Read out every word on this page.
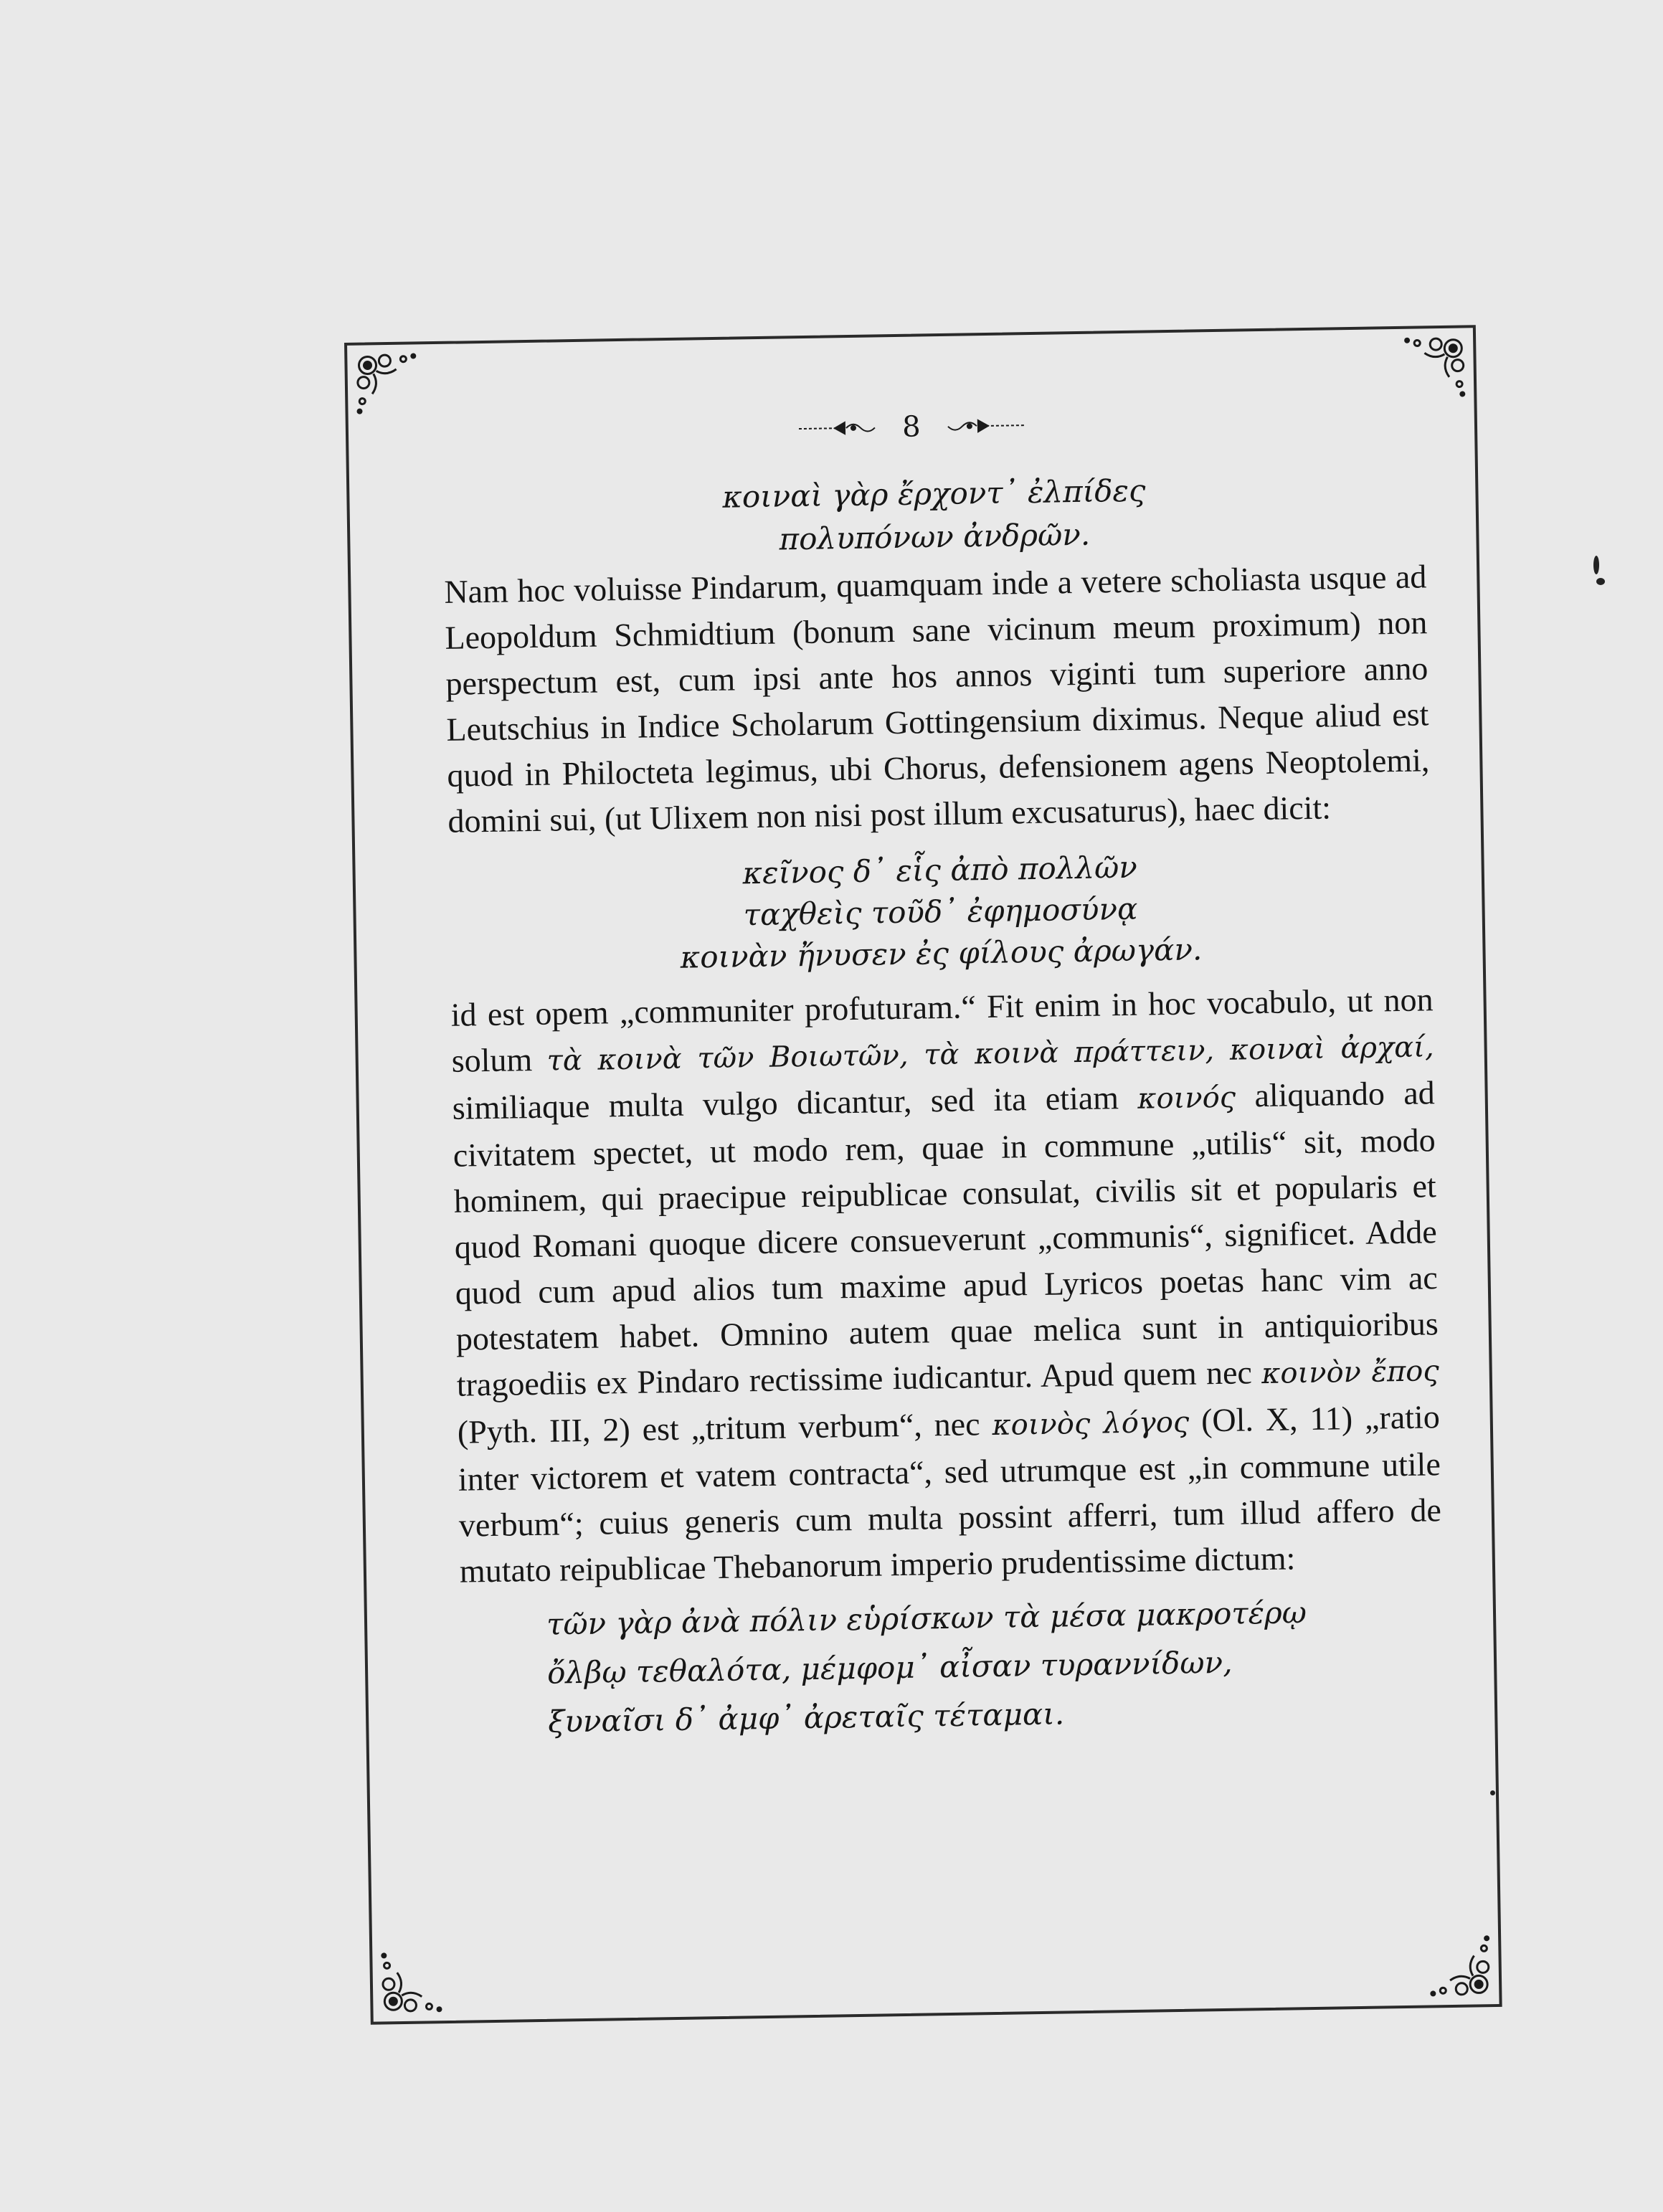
8
κοιναὶ γὰρ ἔρχοντ᾽ ἐλπίδες
πολυπόνων ἀνδρῶν.

Nam hoc voluisse Pindarum, quamquam inde a vetere scholiasta usque ad Leopoldum Schmidtium (bonum sane vicinum meum proximum) non perspectum est, cum ipsi ante hos annos viginti tum superiore anno Leutschius in Indice Scholarum Gottingensium diximus. Neque aliud est quod in Philocteta legimus, ubi Chorus, defensionem agens Neoptolemi, domini sui, (ut Ulixem non nisi post illum excusaturus), haec dicit:

κεῖνος δ᾽ εἷς ἀπὸ πολλῶν
ταχθεὶς τοῦδ᾽ ἐφημοσύνᾳ
κοινὰν ἤνυσεν ἐς φίλους ἀρωγάν.

id est opem „communiter profuturam.“ Fit enim in hoc vocabulo, ut non solum τὰ κοινὰ τῶν Βοιωτῶν, τὰ κοινὰ πράττειν, κοιναὶ ἀρχαί, similiaque multa vulgo dicantur, sed ita etiam κοινός aliquando ad civitatem spectet, ut modo rem, quae in commune „utilis“ sit, modo hominem, qui praecipue reipublicae consulat, civilis sit et popularis et quod Romani quoque dicere consueverunt „communis“, significet. Adde quod cum apud alios tum maxime apud Lyricos poetas hanc vim ac potestatem habet. Omnino autem quae melica sunt in antiquioribus tragoediis ex Pindaro rectissime iudicantur. Apud quem nec κοινὸν ἔπος (Pyth. III, 2) est „tritum verbum“, nec κοινὸς λόγος (Ol. X, 11) „ratio inter victorem et vatem contracta“, sed utrumque est „in commune utile verbum“; cuius generis cum multa possint afferri, tum illud affero de mutato reipublicae Thebanorum imperio prudentissime dictum:

τῶν γὰρ ἀνὰ πόλιν εὑρίσκων τὰ μέσα μακροτέρῳ
ὄλβῳ τεθαλότα, μέμφομ᾽ αἶσαν τυραννίδων,
ξυναῖσι δ᾽ ἀμφ᾽ ἀρεταῖς τέταμαι.
